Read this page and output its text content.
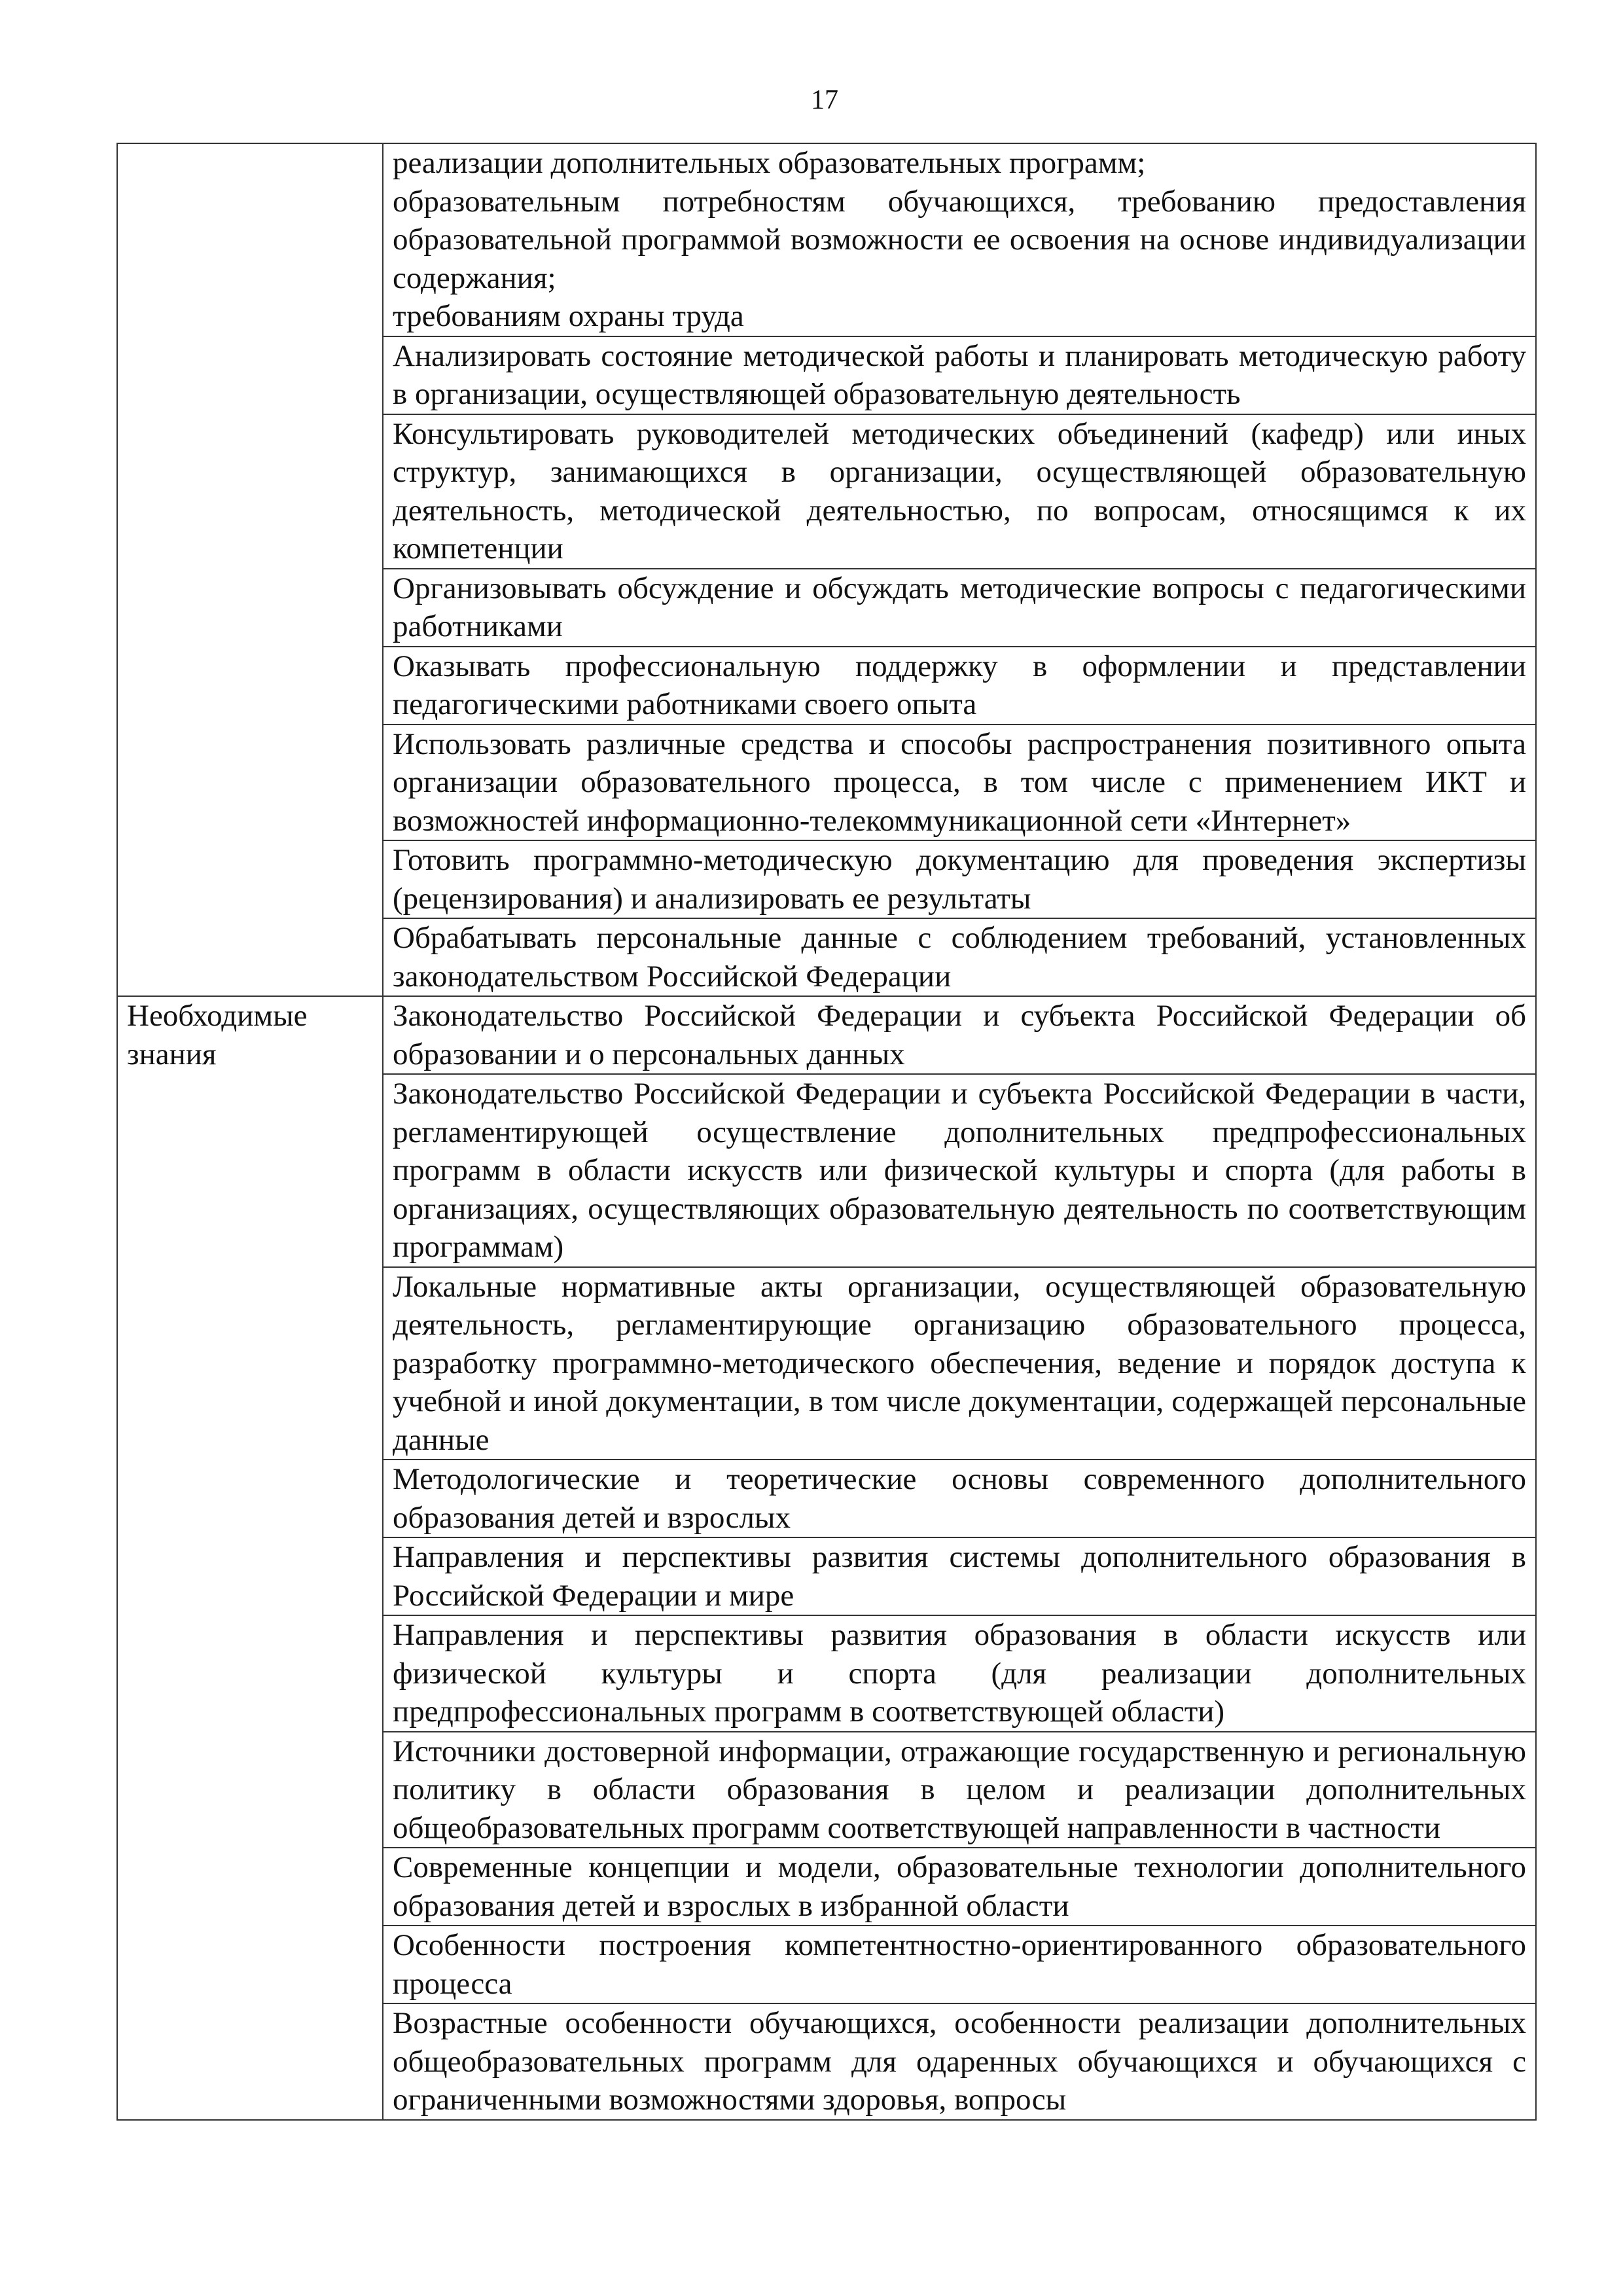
17

	реализации дополнительных образовательных программ;
образовательным потребностям обучающихся, требованию предоставления образовательной программой возможности ее освоения на основе индивидуализации содержания;
требованиям охраны труда

	Анализировать состояние методической работы и планировать методическую работу в организации, осуществляющей образовательную деятельность

	Консультировать руководителей методических объединений (кафедр) или иных структур, занимающихся в организации, осуществляющей образовательную деятельность, методической деятельностью, по вопросам, относящимся к их компетенции

	Организовывать обсуждение и обсуждать методические вопросы с педагогическими работниками

	Оказывать профессиональную поддержку в оформлении и представлении педагогическими работниками своего опыта

	Использовать различные средства и способы распространения позитивного опыта организации образовательного процесса, в том числе с применением ИКТ и возможностей информационно-телекоммуникационной сети «Интернет»

	Готовить программно-методическую документацию для проведения экспертизы (рецензирования) и анализировать ее результаты

	Обрабатывать персональные данные с соблюдением требований, установленных законодательством Российской Федерации

Необходимые знания	Законодательство Российской Федерации и субъекта Российской Федерации об образовании и о персональных данных

	Законодательство Российской Федерации и субъекта Российской Федерации в части, регламентирующей осуществление дополнительных предпрофессиональных программ в области искусств или физической культуры и спорта (для работы в организациях, осуществляющих образовательную деятельность по соответствующим программам)

	Локальные нормативные акты организации, осуществляющей образовательную деятельность, регламентирующие организацию образовательного процесса, разработку программно-методического обеспечения, ведение и порядок доступа к учебной и иной документации, в том числе документации, содержащей персональные данные

	Методологические и теоретические основы современного дополнительного образования детей и взрослых

	Направления и перспективы развития системы дополнительного образования в Российской Федерации и мире

	Направления и перспективы развития образования в области искусств или физической культуры и спорта (для реализации дополнительных предпрофессиональных программ в соответствующей области)

	Источники достоверной информации, отражающие государственную и региональную политику в области образования в целом и реализации дополнительных общеобразовательных программ соответствующей направленности в частности

	Современные концепции и модели, образовательные технологии дополнительного образования детей и взрослых в избранной области

	Особенности построения компетентностно-ориентированного образовательного процесса

	Возрастные особенности обучающихся, особенности реализации дополнительных общеобразовательных программ для одаренных обучающихся и обучающихся с ограниченными возможностями здоровья, вопросы
